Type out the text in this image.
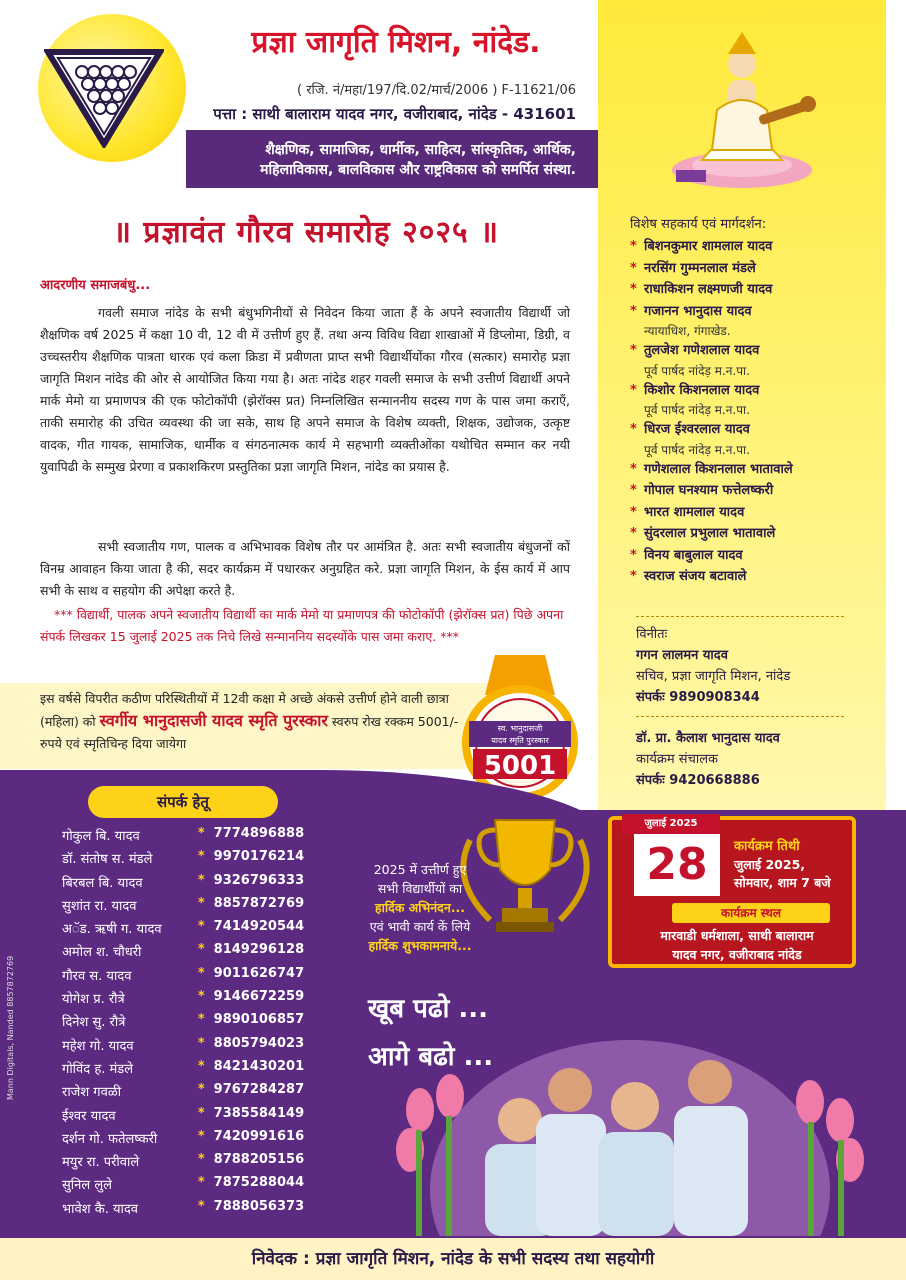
प्रज्ञा जागृति मिशन, नांदेड.
( रजि. नं/महा/197/दि.02/मार्च/2006 ) F-11621/06
पत्ता : साथी बालाराम यादव नगर, वजीराबाद, नांदेड - 431601
शैक्षणिक, सामाजिक, धार्मीक, साहित्य, सांस्कृतिक, आर्थिक,
महिलाविकास, बालविकास और राष्ट्रविकास को समर्पित संस्था.
॥ प्रज्ञावंत गौरव समारोह २०२५ ॥
आदरणीय समाजबंधु...

गवली समाज नांदेड के सभी बंधुभगिनीयों से निवेदन किया जाता हैं के अपने स्वजातीय विद्यार्थी जो शैक्षणिक वर्ष 2025 में कक्षा 10 वी, 12 वी में उत्तीर्ण हुए हैं. तथा अन्य विविध विद्या शाखाओं में डिप्लोमा, डिग्री, व उच्चस्तरीय शैक्षणिक पात्रता धारक एवं कला क्रिडा में प्रवीणता प्राप्त सभी विद्यार्थीयोंका गौरव (सत्कार) समारोह प्रज्ञा जागृति मिशन नांदेड की ओर से आयोजित किया गया है। अतः नांदेड शहर गवली समाज के सभी उत्तीर्ण विद्यार्थी अपने मार्क मेमो या प्रमाणपत्र की एक फोटोकॉपी (झेरॉक्स प्रत) निम्नलिखित सन्माननीय सदस्य गण के पास जमा कराएँ, ताकी समारोह की उचित व्यवस्था की जा सके, साथ हि अपने समाज के विशेष व्यक्ती, शिक्षक, उद्योजक, उत्कृष्ट वादक, गीत गायक, सामाजिक, धार्मीक व संगठनात्मक कार्य मे सहभागी व्यक्तीओंका यथोचित सम्मान कर नयी युवापिढी के सम्मुख प्रेरणा व प्रकाशकिरण प्रस्तुतिका प्रज्ञा जागृति मिशन, नांदेड का प्रयास है.

सभी स्वजातीय गण, पालक व अभिभावक विशेष तौर पर आमंत्रित है. अतः सभी स्वजातीय बंधुजनों कों विनम्र आवाहन किया जाता है की, सदर कार्यक्रम में पधारकर अनुग्रहित करे. प्रज्ञा जागृति मिशन, के ईस कार्य में आप सभी के साथ व सहयोग की अपेक्षा करते है.

*** विद्यार्थी, पालक अपने स्वजातीय विद्यार्थी का मार्क मेमो या प्रमाणपत्र की फोटोकॉपी (झेरॉक्स प्रत) पिछे अपना संपर्क लिखकर 15 जुलाई 2025 तक निचे लिखे सन्माननिय सदस्योंके पास जमा कराए. ***

इस वर्षसे विपरीत कठीण परिस्थितीयों में 12वी कक्षा मे अच्छे अंकसे उत्तीर्ण होने वाली छात्रा (महिला) को स्वर्गीय भानुदासजी यादव स्मृति पुरस्कार स्वरुप रोख रक्कम 5001/- रुपये एवं स्मृतिचिन्ह दिया जायेगा
स्व. भानुदासजी
यादव स्मृति पुरस्कार
5001
विशेष सहकार्य एवं मार्गदर्शन:
* बिशनकुमार शामलाल यादव
* नरसिंग गुम्मनलाल मंडले
* राधाकिशन लक्ष्मणजी यादव
* गजानन भानुदास यादव
न्यायाधिश, गंगाखेड.
* तुलजेश गणेशलाल यादव
पूर्व पार्षद नांदेड़ म.न.पा.
* किशोर किशनलाल यादव
पूर्व पार्षद नांदेड़ म.न.पा.
* धिरज ईश्वरलाल यादव
पूर्व पार्षद नांदेड़ म.न.पा.
* गणेशलाल किशनलाल भातावाले
* गोपाल घनश्याम फत्तेलष्करी
* भारत शामलाल यादव
* सुंदरलाल प्रभुलाल भातावाले
* विनय बाबुलाल यादव
* स्वराज संजय बटावाले
विनीतः
गगन लालमन यादव
सचिव, प्रज्ञा जागृति मिशन, नांदेड
संपर्कः 9890908344
डॉ. प्रा. कैलाश भानुदास यादव
कार्यक्रम संचालक
संपर्कः 9420668886
संपर्क हेतू
गोकुल बि. यादव	* 7774896888
डॉ. संतोष स. मंडले	* 9970176214
बिरबल बि. यादव	* 9326796333
सुशांत रा. यादव	* 8857872769
अॅड. ऋषी ग. यादव	* 7414920544
अमोल श. चौधरी	* 8149296128
गौरव स. यादव	* 9011626747
योगेश प्र. रौत्रे	* 9146672259
दिनेश सु. रौत्रे	* 9890106857
महेश गो. यादव	* 8805794023
गोविंद ह. मंडले	* 8421430201
राजेश गवळी	* 9767284287
ईश्वर यादव	* 7385584149
दर्शन गो. फतेलष्करी	* 7420991616
मयुर रा. परीवाले	* 8788205156
सुनिल लुले	* 7875288044
भावेश कै. यादव	* 7888056373
Mann Digitals, Nanded 8857872769
2025 में उत्तीर्ण हुए
सभी विद्यार्थीयों का
हार्दिक अभिनंदन...
एवं भावी कार्य कें लिये
हार्दिक शुभकामनाये...
खूब पढो ...
आगे बढो ...
जुलाई 2025
28	कार्यक्रम तिथी
जुलाई 2025,
सोमवार, शाम 7 बजे
कार्यक्रम स्थल
मारवाडी धर्मशाला, साथी बालाराम
यादव नगर, वजीराबाद नांदेड
निवेदक : प्रज्ञा जागृति मिशन, नांदेड के सभी सदस्य तथा सहयोगी
